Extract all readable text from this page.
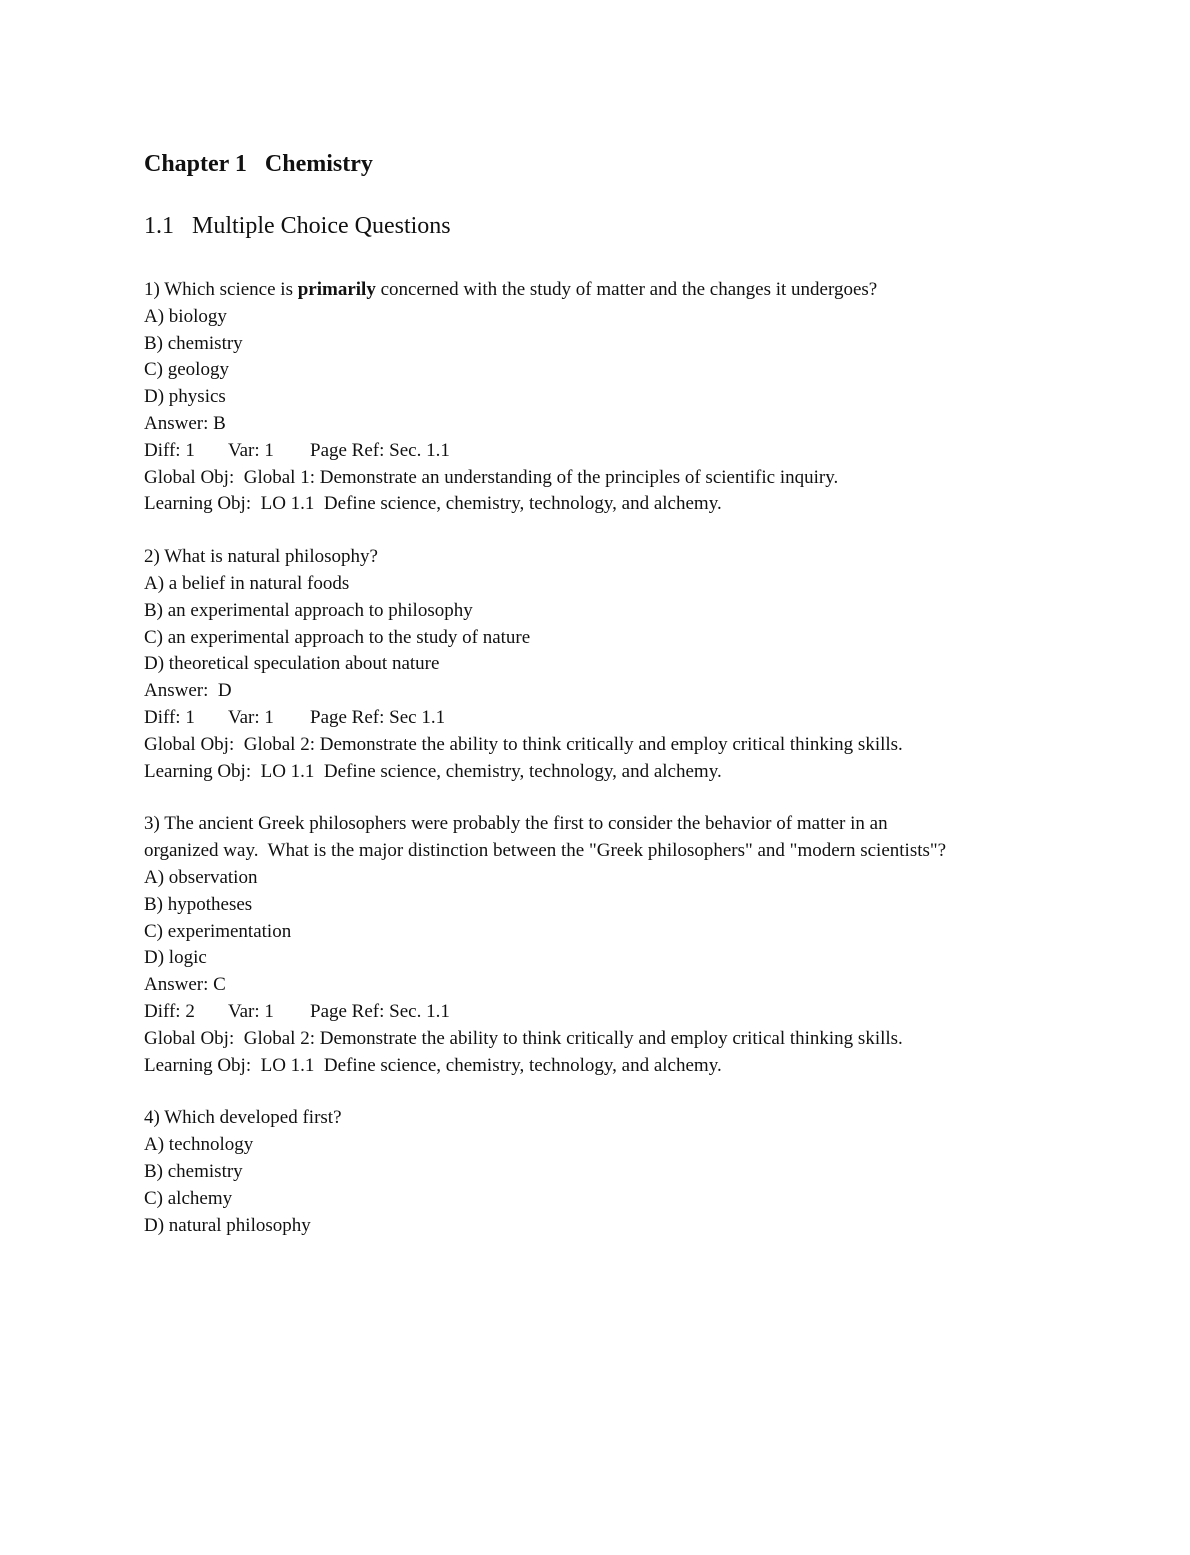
Chapter 1   Chemistry
1.1   Multiple Choice Questions
1) Which science is primarily concerned with the study of matter and the changes it undergoes?
A) biology
B) chemistry
C) geology
D) physics
Answer: B
Diff: 1 Var: 1 Page Ref: Sec. 1.1
Global Obj:  Global 1: Demonstrate an understanding of the principles of scientific inquiry.
Learning Obj:  LO 1.1  Define science, chemistry, technology, and alchemy.
2) What is natural philosophy?
A) a belief in natural foods
B) an experimental approach to philosophy
C) an experimental approach to the study of nature
D) theoretical speculation about nature
Answer:  D
Diff: 1 Var: 1 Page Ref: Sec 1.1
Global Obj:  Global 2: Demonstrate the ability to think critically and employ critical thinking skills.
Learning Obj:  LO 1.1  Define science, chemistry, technology, and alchemy.
3) The ancient Greek philosophers were probably the first to consider the behavior of matter in an
organized way.  What is the major distinction between the "Greek philosophers" and "modern scientists"?
A) observation
B) hypotheses
C) experimentation
D) logic
Answer: C
Diff: 2 Var: 1 Page Ref: Sec. 1.1
Global Obj:  Global 2: Demonstrate the ability to think critically and employ critical thinking skills.
Learning Obj:  LO 1.1  Define science, chemistry, technology, and alchemy.
4) Which developed first?
A) technology
B) chemistry
C) alchemy
D) natural philosophy
